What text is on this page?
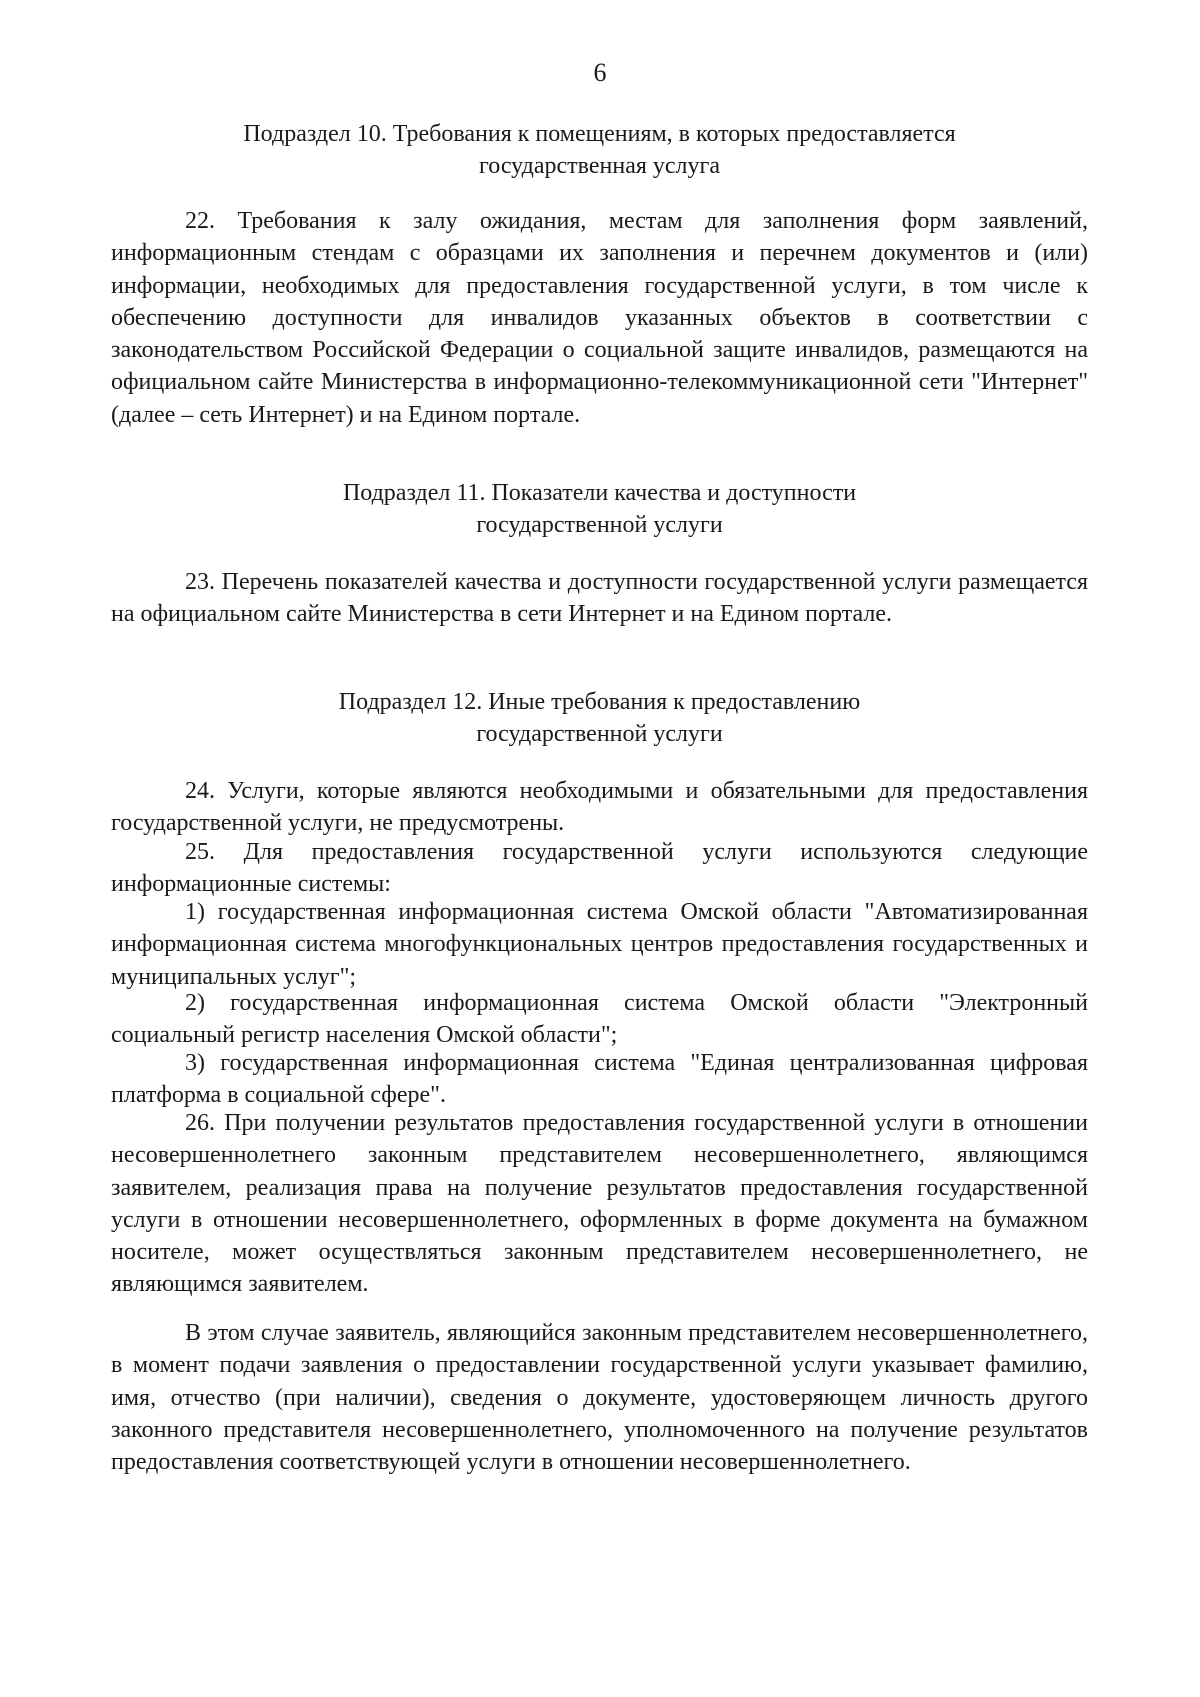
6
Подраздел 10. Требования к помещениям, в которых предоставляется
государственная услуга

22. Требования к залу ожидания, местам для заполнения форм заявлений, информационным стендам с образцами их заполнения и перечнем документов и (или) информации, необходимых для предоставления государственной услуги, в том числе к обеспечению доступности для инвалидов указанных объектов в соответствии с законодательством Российской Федерации о социальной защите инвалидов, размещаются на официальном сайте Министерства в информационно-телекоммуникационной сети "Интернет" (далее – сеть Интернет) и на Едином портале.

Подраздел 11. Показатели качества и доступности
государственной услуги

23. Перечень показателей качества и доступности государственной услуги размещается на официальном сайте Министерства в сети Интернет и на Едином портале.

Подраздел 12. Иные требования к предоставлению
государственной услуги

24. Услуги, которые являются необходимыми и обязательными для предоставления государственной услуги, не предусмотрены.

25. Для предоставления государственной услуги используются следующие информационные системы:

1) государственная информационная система Омской области "Автоматизированная информационная система многофункциональных центров предоставления государственных и муниципальных услуг";

2) государственная информационная система Омской области "Электронный социальный регистр населения Омской области";

3) государственная информационная система "Единая централизованная цифровая платформа в социальной сфере".

26. При получении результатов предоставления государственной услуги в отношении несовершеннолетнего законным представителем несовершеннолетнего, являющимся заявителем, реализация права на получение результатов предоставления государственной услуги в отношении несовершеннолетнего, оформленных в форме документа на бумажном носителе, может осуществляться законным представителем несовершеннолетнего, не являющимся заявителем.

В этом случае заявитель, являющийся законным представителем несовершеннолетнего, в момент подачи заявления о предоставлении государственной услуги указывает фамилию, имя, отчество (при наличии), сведения о документе, удостоверяющем личность другого законного представителя несовершеннолетнего, уполномоченного на получение результатов предоставления соответствующей услуги в отношении несовершеннолетнего.
